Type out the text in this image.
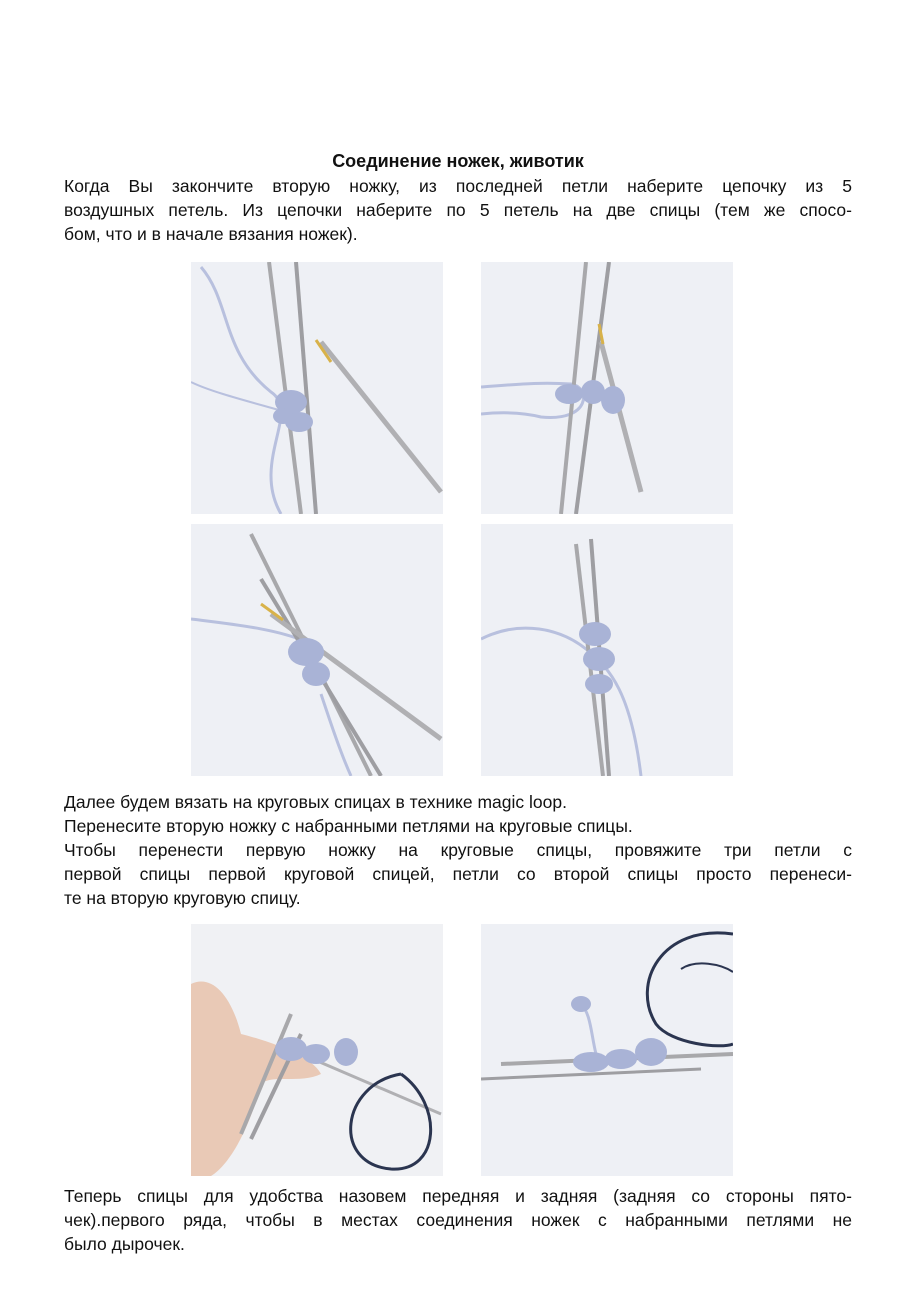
Соединение ножек, животик
Когда Вы закончите вторую ножку, из последней петли наберите цепочку из 5
воздушных петель. Из цепочки наберите по 5 петель на две спицы (тем же спосо-
бом, что и в начале вязания ножек).
Далее будем вязать на круговых спицах в технике magic loop.
Перенесите вторую ножку с набранными петлями на круговые спицы.
Чтобы перенести первую ножку на круговые спицы, провяжите три петли с
первой спицы первой круговой спицей, петли со второй спицы просто перенеси-
те на вторую круговую спицу.
Теперь спицы для удобства назовем передняя и задняя (задняя со стороны пято-
чек).первого ряда, чтобы в местах соединения ножек с набранными петлями не
было дырочек.
